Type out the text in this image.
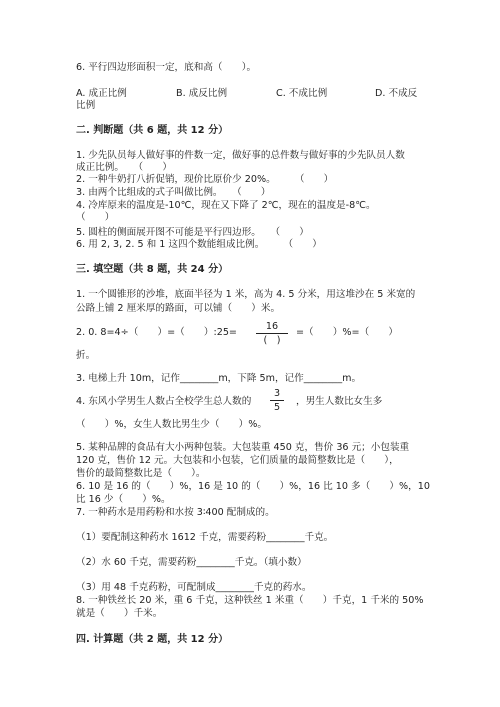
6. 平行四边形面积一定，底和高（　　）。
A. 成正比例	B. 成反比例	C. 不成比例	D. 不成反
比例
二. 判断题（共 6 题，共 12 分）
1. 少先队员每人做好事的件数一定，做好事的总件数与做好事的少先队员人数
成正比例。　　（　　）
2. 一种牛奶打八折促销，现价比原价少 20%。　　　（　　）
3. 由两个比组成的式子叫做比例。　　（　　）
4. 冷库原来的温度是-10℃，现在又下降了 2℃，现在的温度是-8℃。
（　　）
5. 圆柱的侧面展开图不可能是平行四边形。　　（　　）
6. 用 2, 3, 2. 5 和 1 这四个数能组成比例。　　　（　　）
三. 填空题（共 8 题，共 24 分）
1. 一个圆锥形的沙堆，底面半径为 1 米，高为 4. 5 分米，用这堆沙在 5 米宽的
公路上铺 2 厘米厚的路面，可以铺（　　）米。
2. 0. 8=4÷（　　）=（　　）:25=
16
(　)
=（　　）%=（　　）
折。
3. 电梯上升 10m，记作________m，下降 5m，记作________m。
4. 东风小学男生人数占全校学生总人数的
3
5
，男生人数比女生多
（　　）%，女生人数比男生少（　　）%。
5. 某种品牌的食品有大小两种包装。大包装重 450 克，售价 36 元；小包装重
120 克，售价 12 元。大包装和小包装，它们质量的最简整数比是（　　），
售价的最简整数比是（　　）。
6. 10 是 16 的（　　）%，16 是 10 的（　　）%，16 比 10 多（　　）%，10
比 16 少（　　）%。
7. 一种药水是用药粉和水按 3∶400 配制成的。
（1）要配制这种药水 1612 千克，需要药粉________千克。
（2）水 60 千克，需要药粉________千克。（填小数）
（3）用 48 千克药粉，可配制成________千克的药水。
8. 一种铁丝长 20 米，重 6 千克，这种铁丝 1 米重（　　）千克，1 千米的 50%
就是（　　）千米。
四. 计算题（共 2 题，共 12 分）
